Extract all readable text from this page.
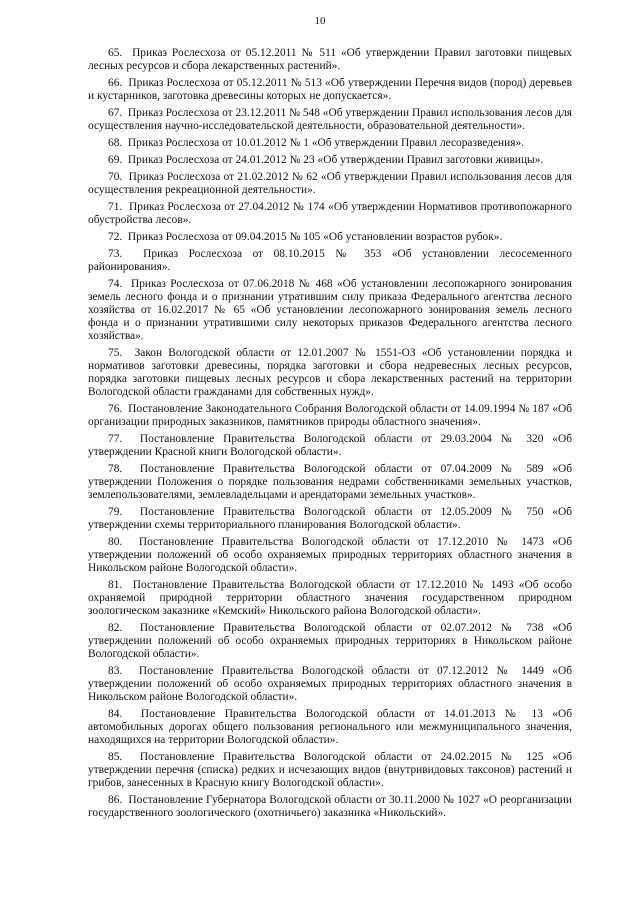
10

65.  Приказ Рослесхоза от 05.12.2011 № 511 «Об утверждении Правил заготовки пищевых лесных ресурсов и сбора лекарственных растений».

66.  Приказ Рослесхоза от 05.12.2011 № 513 «Об утверждении Перечня видов (пород) деревьев и кустарников, заготовка древесины которых не допускается».

67.  Приказ Рослесхоза от 23.12.2011 № 548 «Об утверждении Правил использования лесов для осуществления научно-исследовательской деятельности, образовательной деятельности».

68.  Приказ Рослесхоза от 10.01.2012 № 1 «Об утверждении Правил лесоразведения».

69.  Приказ Рослесхоза от 24.01.2012 № 23 «Об утверждении Правил заготовки живицы».

70.  Приказ Рослесхоза от 21.02.2012 № 62 «Об утверждении Правил использования лесов для осуществления рекреационной деятельности».

71.  Приказ Рослесхоза от 27.04.2012 № 174 «Об утверждении Нормативов противопожарного обустройства лесов».

72.  Приказ Рослесхоза от 09.04.2015 № 105 «Об установлении возрастов рубок».

73.  Приказ Рослесхоза от 08.10.2015 № 353 «Об установлении лесосеменного районирования».

74.  Приказ Рослесхоза от 07.06.2018 № 468 «Об установлении лесопожарного зонирования земель лесного фонда и о признании утратившим силу приказа Федерального агентства лесного хозяйства от 16.02.2017 № 65 «Об установлении лесопожарного зонирования земель лесного фонда и о признании утратившими силу некоторых приказов Федерального агентства лесного хозяйства».

75.  Закон Вологодской области от 12.01.2007 № 1551-ОЗ «Об установлении порядка и нормативов заготовки древесины, порядка заготовки и сбора недревесных лесных ресурсов, порядка заготовки пищевых лесных ресурсов и сбора лекарственных растений на территории Вологодской области гражданами для собственных нужд».

76.  Постановление Законодательного Собрания Вологодской области от 14.09.1994 № 187 «Об организации природных заказников, памятников природы областного значения».

77.  Постановление Правительства Вологодской области от 29.03.2004 № 320 «Об утверждении Красной книги Вологодской области».

78.  Постановление Правительства Вологодской области от 07.04.2009 № 589 «Об утверждении Положения о порядке пользования недрами собственниками земельных участков, землепользователями, землевладельцами и арендаторами земельных участков».

79.  Постановление Правительства Вологодской области от 12.05.2009 № 750 «Об утверждении схемы территориального планирования Вологодской области».

80.  Постановление Правительства Вологодской области от 17.12.2010 № 1473 «Об утверждении положений об особо охраняемых природных территориях областного значения в Никольском районе Вологодской области».

81.  Постановление Правительства Вологодской области от 17.12.2010 № 1493 «Об особо охраняемой природной территории областного значения государственном природном зоологическом заказнике «Кемский» Никольского района Вологодской области».

82.  Постановление Правительства Вологодской области от 02.07.2012 № 738 «Об утверждении положений об особо охраняемых природных территориях в Никольском районе Вологодской области».

83.  Постановление Правительства Вологодской области от 07.12.2012 № 1449 «Об утверждении положений об особо охраняемых природных территориях областного значения в Никольском районе Вологодской области».

84.  Постановление Правительства Вологодской области от 14.01.2013 № 13 «Об автомобильных дорогах общего пользования регионального или межмуниципального значения, находящихся на территории Вологодской области».

85.  Постановление Правительства Вологодской области от 24.02.2015 № 125 «Об утверждении перечня (списка) редких и исчезающих видов (внутривидовых таксонов) растений и грибов, занесенных в Красную книгу Вологодской области».

86.  Постановление Губернатора Вологодской области от 30.11.2000 № 1027 «О реорганизации государственного зоологического (охотничьего) заказника «Никольский».
